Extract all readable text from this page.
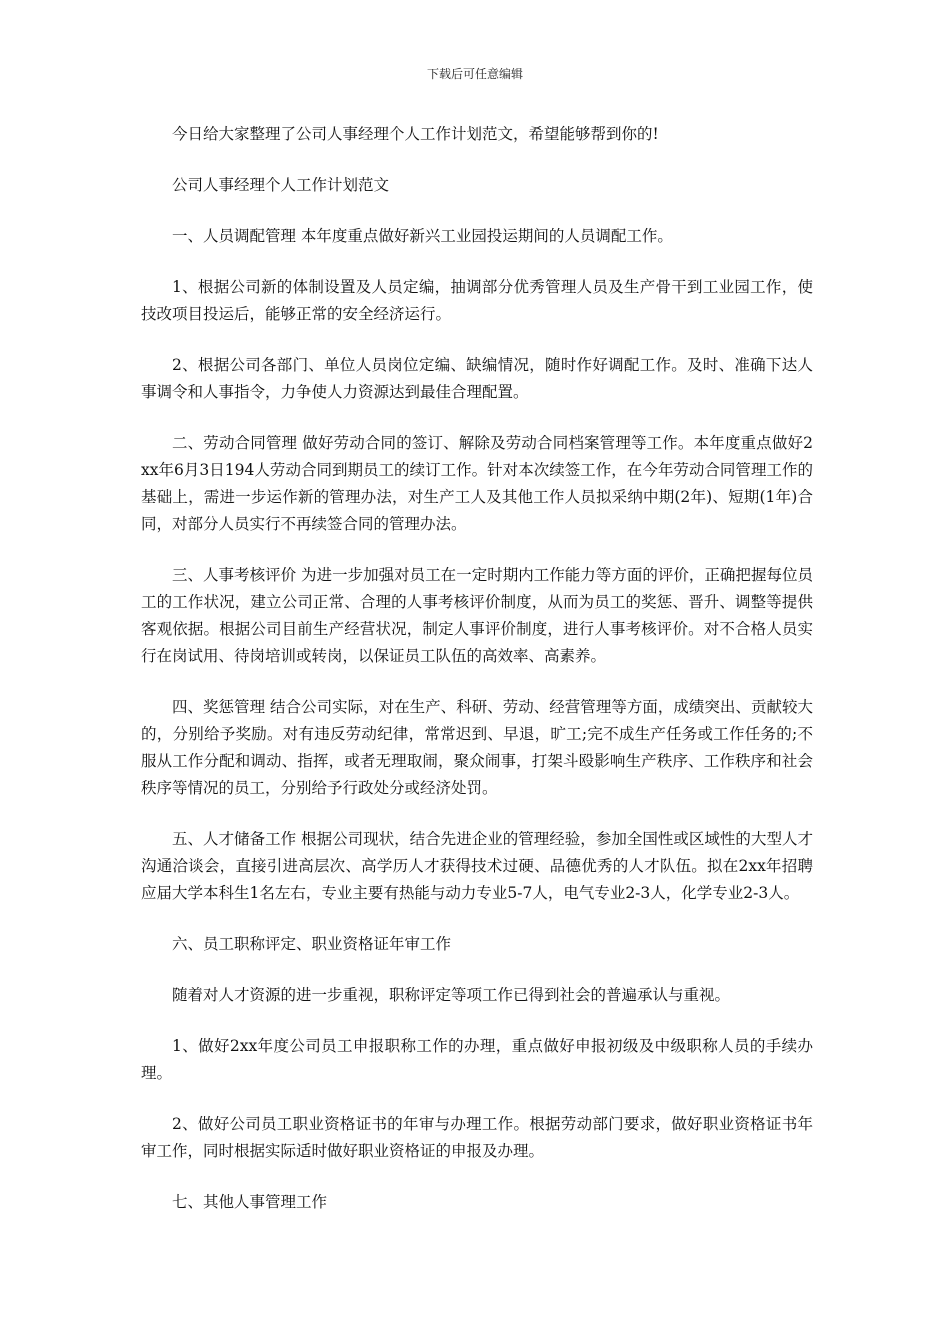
下载后可任意编辑

今日给大家整理了公司人事经理个人工作计划范文，希望能够帮到你的!

公司人事经理个人工作计划范文

一、人员调配管理 本年度重点做好新兴工业园投运期间的人员调配工作。

1、根据公司新的体制设置及人员定编，抽调部分优秀管理人员及生产骨干到工业园工作，使技改项目投运后，能够正常的安全经济运行。

2、根据公司各部门、单位人员岗位定编、缺编情况，随时作好调配工作。及时、准确下达人事调令和人事指令，力争使人力资源达到最佳合理配置。

二、劳动合同管理 做好劳动合同的签订、解除及劳动合同档案管理等工作。本年度重点做好2xx年6月3日194人劳动合同到期员工的续订工作。针对本次续签工作，在今年劳动合同管理工作的基础上，需进一步运作新的管理办法，对生产工人及其他工作人员拟采纳中期(2年)、短期(1年)合同，对部分人员实行不再续签合同的管理办法。

三、人事考核评价 为进一步加强对员工在一定时期内工作能力等方面的评价，正确把握每位员工的工作状况，建立公司正常、合理的人事考核评价制度，从而为员工的奖惩、晋升、调整等提供客观依据。根据公司目前生产经营状况，制定人事评价制度，进行人事考核评价。对不合格人员实行在岗试用、待岗培训或转岗，以保证员工队伍的高效率、高素养。

四、奖惩管理 结合公司实际，对在生产、科研、劳动、经营管理等方面，成绩突出、贡献较大的，分别给予奖励。对有违反劳动纪律，常常迟到、早退，旷工;完不成生产任务或工作任务的;不服从工作分配和调动、指挥，或者无理取闹，聚众闹事，打架斗殴影响生产秩序、工作秩序和社会秩序等情况的员工，分别给予行政处分或经济处罚。

五、人才储备工作 根据公司现状，结合先进企业的管理经验，参加全国性或区域性的大型人才沟通洽谈会，直接引进高层次、高学历人才获得技术过硬、品德优秀的人才队伍。拟在2xx年招聘应届大学本科生1名左右，专业主要有热能与动力专业5-7人，电气专业2-3人，化学专业2-3人。

六、员工职称评定、职业资格证年审工作

随着对人才资源的进一步重视，职称评定等项工作已得到社会的普遍承认与重视。

1、做好2xx年度公司员工申报职称工作的办理，重点做好申报初级及中级职称人员的手续办理。

2、做好公司员工职业资格证书的年审与办理工作。根据劳动部门要求，做好职业资格证书年审工作，同时根据实际适时做好职业资格证的申报及办理。

七、其他人事管理工作
